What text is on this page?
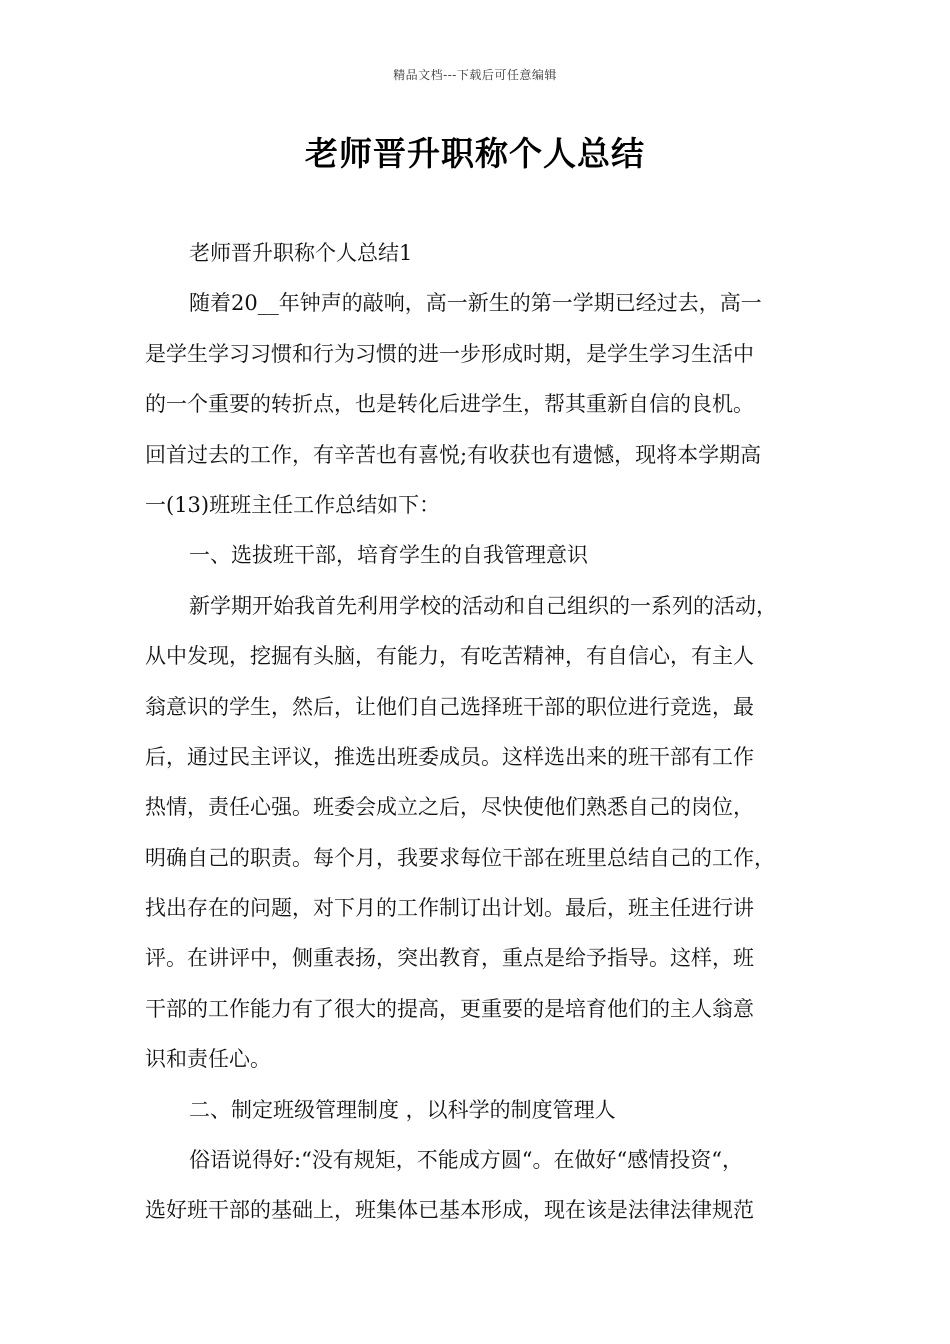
精品文档---下载后可任意编辑
老师晋升职称个人总结
老师晋升职称个人总结1
随着20__年钟声的敲响，高一新生的第一学期已经过去，高一
是学生学习习惯和行为习惯的进一步形成时期，是学生学习生活中
的一个重要的转折点，也是转化后进学生，帮其重新自信的良机。
回首过去的工作，有辛苦也有喜悦;有收获也有遗憾，现将本学期高
一(13)班班主任工作总结如下：
一、选拔班干部，培育学生的自我管理意识
新学期开始我首先利用学校的活动和自己组织的一系列的活动，
从中发现，挖掘有头脑，有能力，有吃苦精神，有自信心，有主人
翁意识的学生，然后，让他们自己选择班干部的职位进行竞选，最
后，通过民主评议，推选出班委成员。这样选出来的班干部有工作
热情，责任心强。班委会成立之后，尽快使他们熟悉自己的岗位，
明确自己的职责。每个月，我要求每位干部在班里总结自己的工作，
找出存在的问题，对下月的工作制订出计划。最后，班主任进行讲
评。在讲评中，侧重表扬，突出教育，重点是给予指导。这样，班
干部的工作能力有了很大的提高，更重要的是培育他们的主人翁意
识和责任心。
二、制定班级管理制度 ，以科学的制度管理人
俗语说得好:“没有规矩，不能成方圆“。在做好“感情投资“，
选好班干部的基础上，班集体已基本形成，现在该是法律法律规范
